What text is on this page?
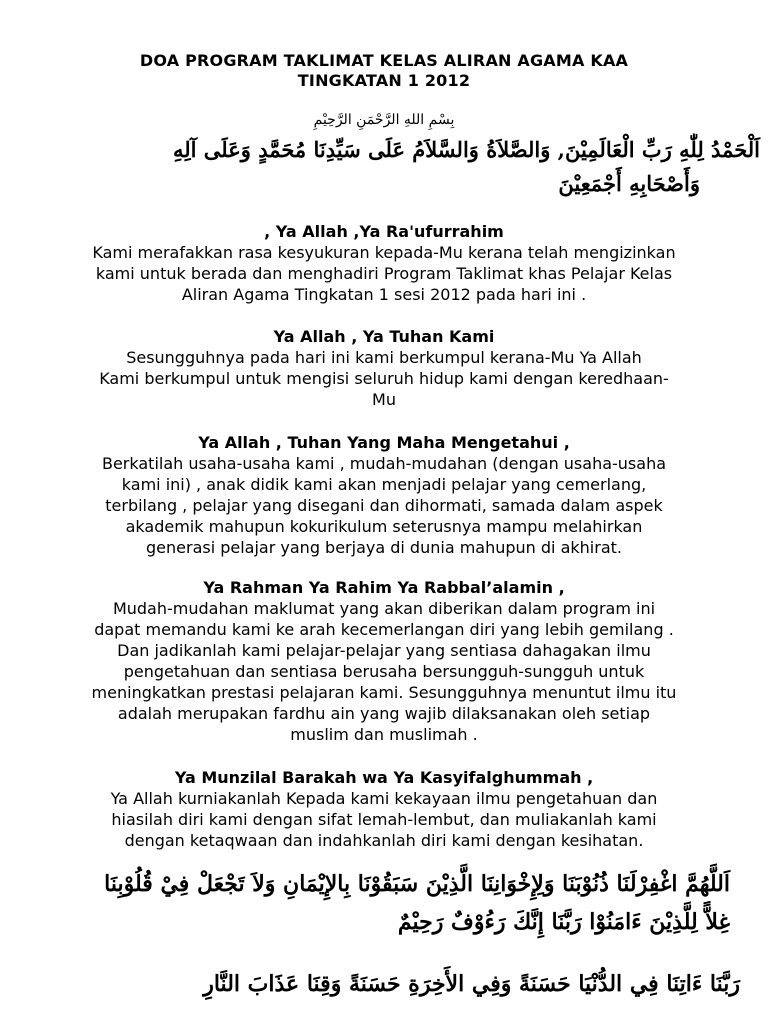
DOA PROGRAM TAKLIMAT KELAS ALIRAN AGAMA KAA
TINGKATAN 1 2012
بِسْمِ اللهِ الرَّحْمَنِ الرَّحِيْمِ
اَلْحَمْدُ لِلّٰهِ رَبِّ الْعَالَمِيْنَ, وَالصَّلاَةُ وَالسَّلاَمُ عَلَى سَيِّدِنَا مُحَمَّدٍ وَعَلَى آلِهِ
وَأَصْحَابِهِ أَجْمَعِيْنَ
, Ya Allah ,Ya Ra'ufurrahim
Kami merafakkan rasa kesyukuran kepada-Mu kerana telah mengizinkan
kami untuk berada dan menghadiri Program Taklimat khas Pelajar Kelas
Aliran Agama Tingkatan 1 sesi 2012 pada hari ini .
Ya Allah , Ya Tuhan Kami
Sesungguhnya pada hari ini kami berkumpul kerana-Mu Ya Allah
Kami berkumpul untuk mengisi seluruh hidup kami dengan keredhaan-
Mu
Ya Allah , Tuhan Yang Maha Mengetahui ,
Berkatilah usaha-usaha kami , mudah-mudahan (dengan usaha-usaha
kami ini) , anak didik kami akan menjadi pelajar yang cemerlang,
terbilang , pelajar yang disegani dan dihormati, samada dalam aspek
akademik mahupun kokurikulum seterusnya mampu melahirkan
generasi pelajar yang berjaya di dunia mahupun di akhirat.
Ya Rahman Ya Rahim Ya Rabbal’alamin ,
Mudah-mudahan maklumat yang akan diberikan dalam program ini
dapat memandu kami ke arah kecemerlangan diri yang lebih gemilang .
Dan jadikanlah kami pelajar-pelajar yang sentiasa dahagakan ilmu
pengetahuan dan sentiasa berusaha bersungguh-sungguh untuk
meningkatkan prestasi pelajaran kami. Sesungguhnya menuntut ilmu itu
adalah merupakan fardhu ain yang wajib dilaksanakan oleh setiap
muslim dan muslimah .
Ya Munzilal Barakah wa Ya Kasyifalghummah ,
Ya Allah kurniakanlah Kepada kami kekayaan ilmu pengetahuan dan
hiasilah diri kami dengan sifat lemah-lembut, dan muliakanlah kami
dengan ketaqwaan dan indahkanlah diri kami dengan kesihatan.
اَللَّهُمَّ اغْفِرْلَنَا ذُنُوْبَنَا وَلِإِخْوَانِنَا الَّذِيْنَ سَبَقُوْنَا بِالإِيْمَانِ وَلاَ تَجْعَلْ فِيْ قُلُوْبِنَا
غِلاًّ لِلَّذِيْنَ ءَامَنُوْا رَبَّنَا إِنَّكَ رَءُوْفٌ رَحِيْمٌ
رَبَّنَا ءَاتِنَا فِي الدُّنْيَا حَسَنَةً وَفِي الأَخِرَةِ حَسَنَةً وَقِنَا عَذَابَ النَّارِ
